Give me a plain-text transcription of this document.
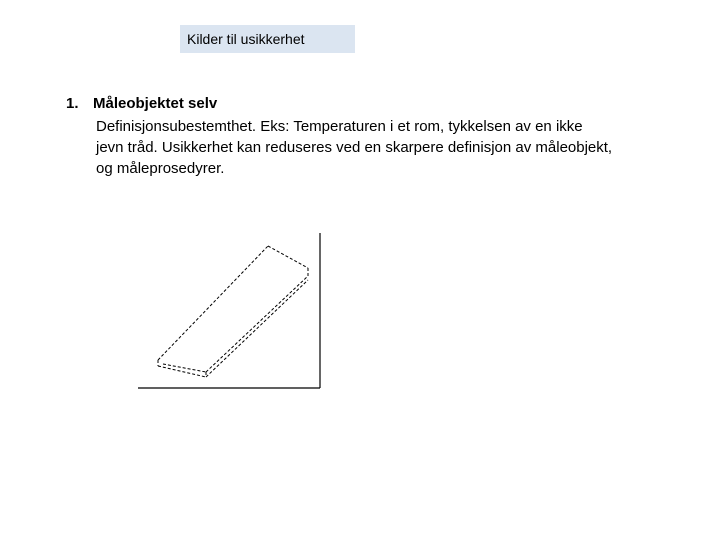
Kilder til usikkerhet
1. Måleobjektet selv
Definisjonsubestemthet. Eks: Temperaturen i et rom, tykkelsen av en ikke
jevn tråd. Usikkerhet kan reduseres ved en skarpere definisjon av måleobjekt,
og måleprosedyrer.
